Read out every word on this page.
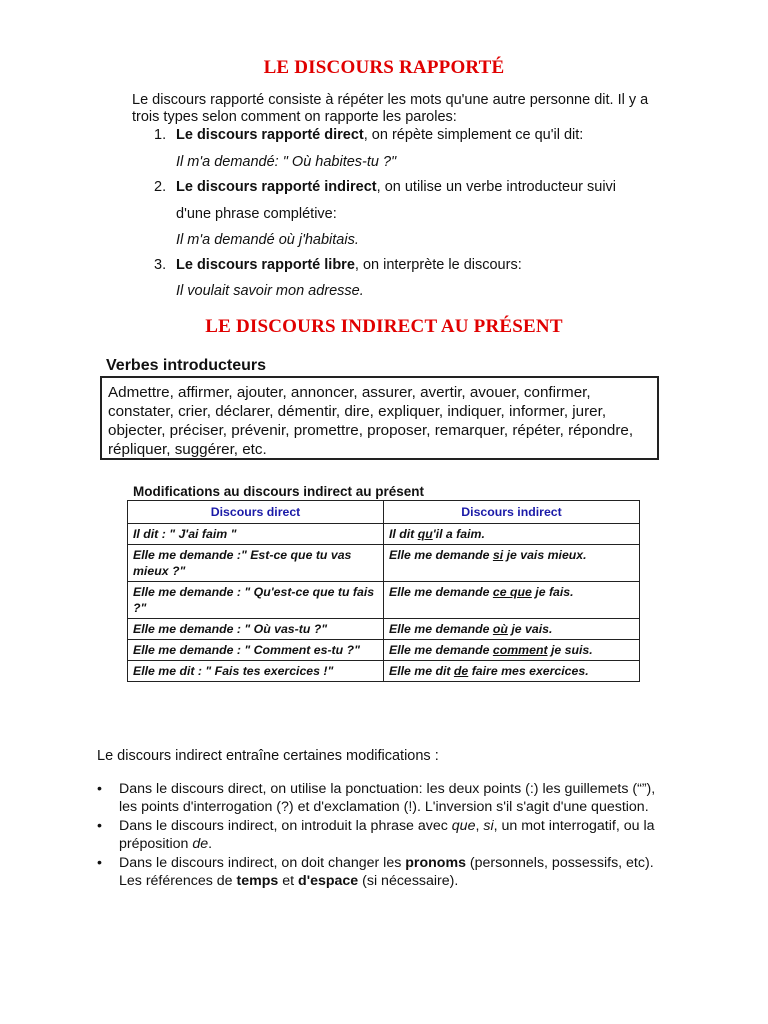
LE DISCOURS RAPPORTÉ
Le discours rapporté consiste à répéter les mots qu'une autre personne dit. Il y a trois types selon comment on rapporte les paroles:
1. Le discours rapporté direct, on répète simplement ce qu'il dit:
Il m'a demandé: " Où habites-tu ?"
2. Le discours rapporté indirect, on utilise un verbe introducteur suivi
d'une phrase complétive:
Il m'a demandé où j'habitais.
3. Le discours rapporté libre, on interprète le discours:
Il voulait savoir mon adresse.
LE DISCOURS INDIRECT AU PRÉSENT
Verbes introducteurs
Admettre, affirmer, ajouter, annoncer, assurer, avertir, avouer, confirmer, constater, crier, déclarer, démentir, dire, expliquer, indiquer, informer, jurer, objecter, préciser, prévenir, promettre, proposer, remarquer, répéter, répondre, répliquer, suggérer, etc.
Modifications au discours indirect au présent
Discours direct	Discours indirect
Il dit : " J'ai faim "	Il dit qu'il a faim.
Elle me demande :" Est-ce que tu vas mieux ?"	Elle me demande si je vais mieux.
Elle me demande : " Qu'est-ce que tu fais ?"	Elle me demande ce que je fais.
Elle me demande : " Où vas-tu ?"	Elle me demande où je vais.
Elle me demande : " Comment es-tu ?"	Elle me demande comment je suis.
Elle me dit : " Fais tes exercices !"	Elle me dit de faire mes exercices.
Le discours indirect entraîne certaines modifications :
• Dans le discours direct, on utilise la ponctuation: les deux points (:) les guillemets (“”), les points d'interrogation (?) et d'exclamation (!). L'inversion s'il s'agit d'une question.
• Dans le discours indirect, on introduit la phrase avec que, si, un mot interrogatif, ou la préposition de.
• Dans le discours indirect, on doit changer les pronoms (personnels, possessifs, etc). Les références de temps et d'espace (si nécessaire).
